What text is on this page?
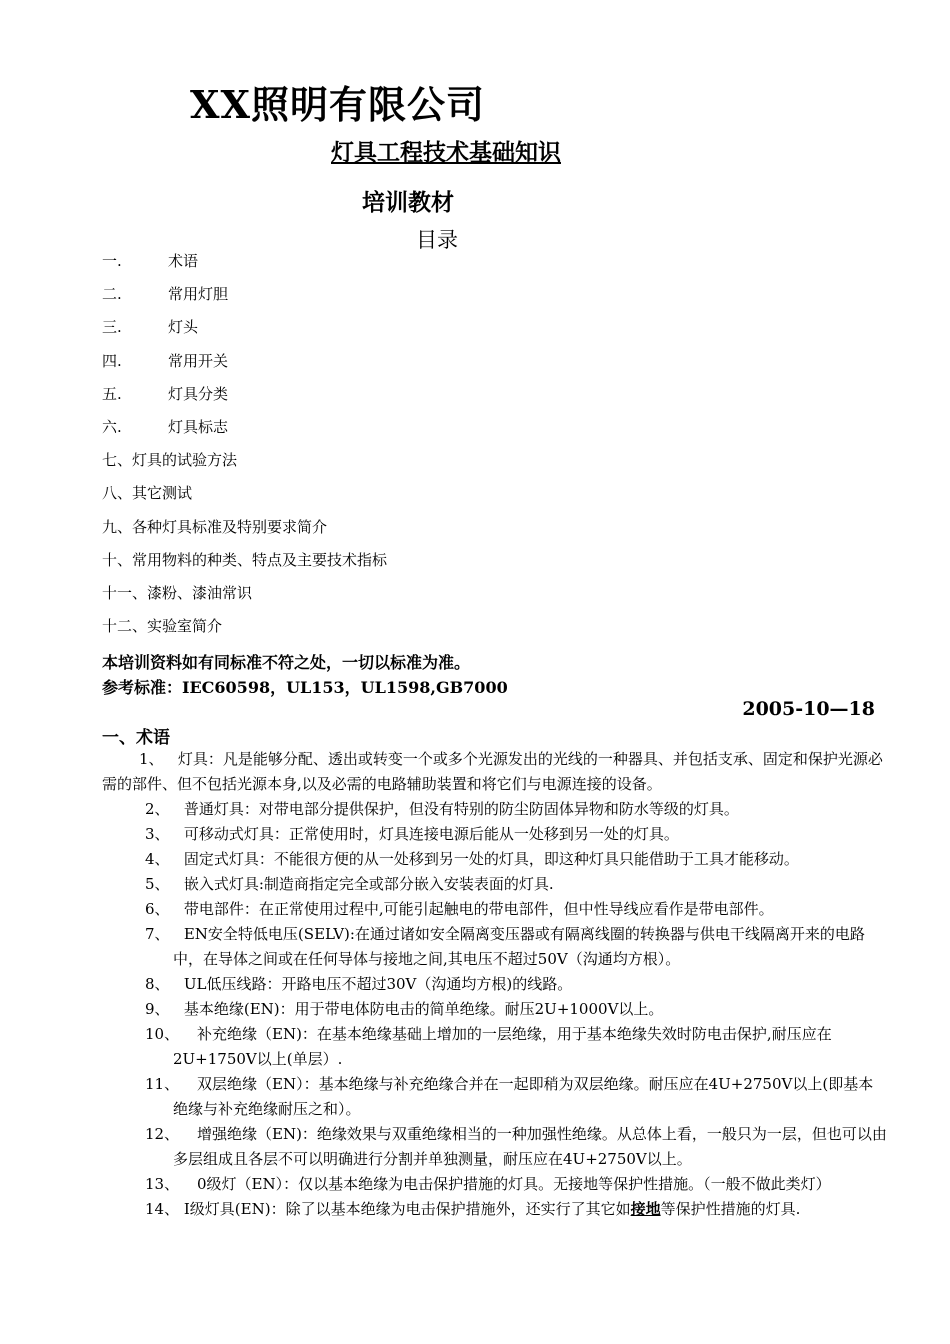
XX照明有限公司
灯具工程技术基础知识
培训教材
目录
一.	术语
二.	常用灯胆
三.	灯头
四.	常用开关
五.	灯具分类
六.	灯具标志
七、灯具的试验方法
八、其它测试
九、各种灯具标准及特别要求简介
十、常用物料的种类、特点及主要技术指标
十一、漆粉、漆油常识
十二、实验室简介
本培训资料如有同标准不符之处，一切以标准为准。
参考标准：IEC60598，UL153，UL1598,GB7000
2005-10—18
一、术语
1、 灯具：凡是能够分配、透出或转变一个或多个光源发出的光线的一种器具、并包括支承、固定和保护光源必需的部件、但不包括光源本身,以及必需的电路辅助装置和将它们与电源连接的设备。
2、 普通灯具：对带电部分提供保护，但没有特别的防尘防固体异物和防水等级的灯具。
3、 可移动式灯具：正常使用时，灯具连接电源后能从一处移到另一处的灯具。
4、 固定式灯具：不能很方便的从一处移到另一处的灯具，即这种灯具只能借助于工具才能移动。
5、 嵌入式灯具:制造商指定完全或部分嵌入安装表面的灯具.
6、 带电部件：在正常使用过程中,可能引起触电的带电部件，但中性导线应看作是带电部件。
7、 EN安全特低电压(SELV):在通过诸如安全隔离变压器或有隔离线圈的转换器与供电干线隔离开来的电路中，在导体之间或在任何导体与接地之间,其电压不超过50V（沟通均方根）。
8、 UL低压线路：开路电压不超过30V（沟通均方根)的线路。
9、 基本绝缘(EN)：用于带电体防电击的简单绝缘。耐压2U+1000V以上。
10、 补充绝缘（EN)：在基本绝缘基础上增加的一层绝缘，用于基本绝缘失效时防电击保护,耐压应在2U+1750V以上(单层）.
11、 双层绝缘（EN）：基本绝缘与补充绝缘合并在一起即稍为双层绝缘。耐压应在4U+2750V以上(即基本绝缘与补充绝缘耐压之和）。
12、 增强绝缘（EN)：绝缘效果与双重绝缘相当的一种加强性绝缘。从总体上看，一般只为一层，但也可以由多层组成且各层不可以明确进行分割并单独测量，耐压应在4U+2750V以上。
13、 0级灯（EN）：仅以基本绝缘为电击保护措施的灯具。无接地等保护性措施。（一般不做此类灯）
14、 Ⅰ级灯具(EN)：除了以基本绝缘为电击保护措施外，还实行了其它如接地等保护性措施的灯具.
